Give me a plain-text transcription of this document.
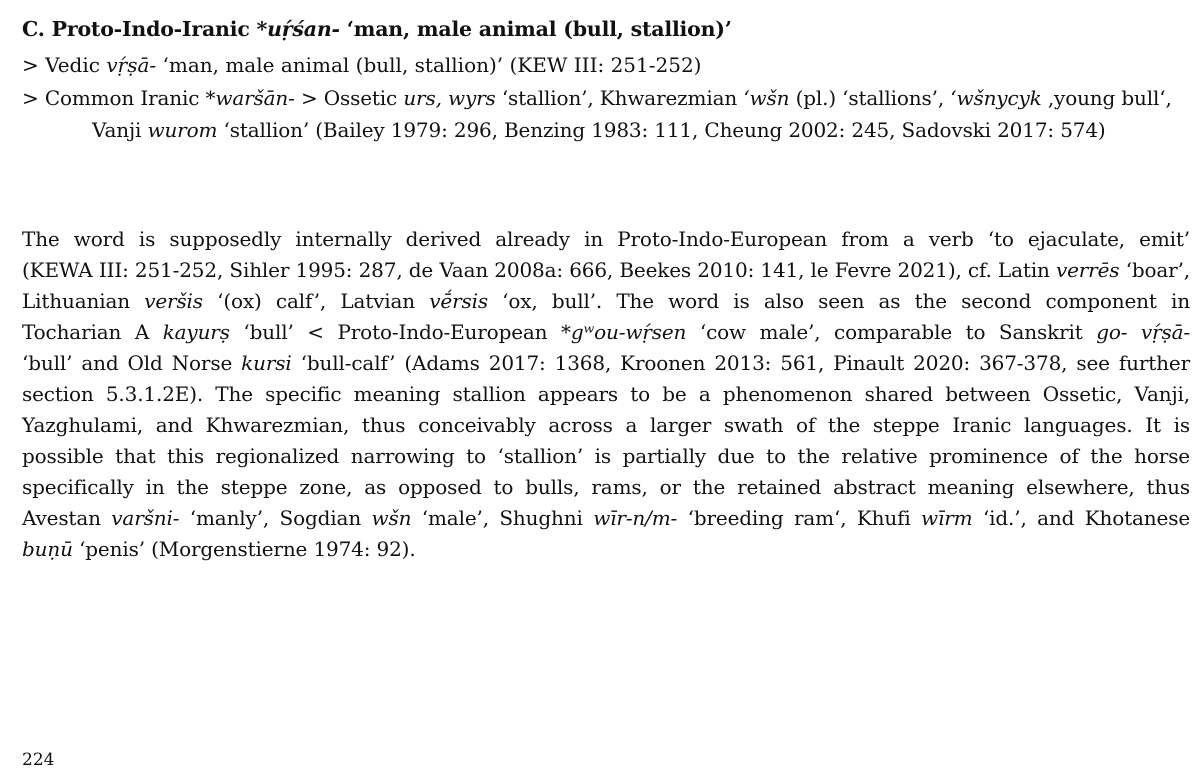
C. Proto-Indo-Iranic *uṛ́śan- ‘man, male animal (bull, stallion)’
> Vedic vṛ́ṣā- ‘man, male animal (bull, stallion)’ (KEW III: 251-252)
> Common Iranic *waršān- > Ossetic urs, wyrs ‘stallion’, Khwarezmian ‘wšn (pl.) ‘stallions’, ‘wšnycyk ,young bull‘, Vanji wurom ‘stallion’ (Bailey 1979: 296, Benzing 1983: 111, Cheung 2002: 245, Sadovski 2017: 574)
The word is supposedly internally derived already in Proto-Indo-European from a verb ‘to ejaculate, emit’
(KEWA III: 251-252, Sihler 1995: 287, de Vaan 2008a: 666, Beekes 2010: 141, le Fevre 2021), cf. Latin verrēs ‘boar’,
Lithuanian veršis ‘(ox) calf’, Latvian vḗrsis ‘ox, bull’. The word is also seen as the second component in
Tocharian A kayurṣ ‘bull’ < Proto-Indo-European *gʷou-wṛ́sen ‘cow male’, comparable to Sanskrit go- vṛ́ṣā-
‘bull’ and Old Norse kursi ‘bull-calf’ (Adams 2017: 1368, Kroonen 2013: 561, Pinault 2020: 367-378, see further
section 5.3.1.2E). The specific meaning stallion appears to be a phenomenon shared between Ossetic, Vanji,
Yazghulami, and Khwarezmian, thus conceivably across a larger swath of the steppe Iranic languages. It is
possible that this regionalized narrowing to ‘stallion’ is partially due to the relative prominence of the horse
specifically in the steppe zone, as opposed to bulls, rams, or the retained abstract meaning elsewhere, thus
Avestan varšni- ‘manly’, Sogdian wšn ‘male’, Shughni wīr-n/m- ‘breeding ram‘, Khufi wīrm ‘id.’, and Khotanese
buṇū ‘penis’ (Morgenstierne 1974: 92).
224
